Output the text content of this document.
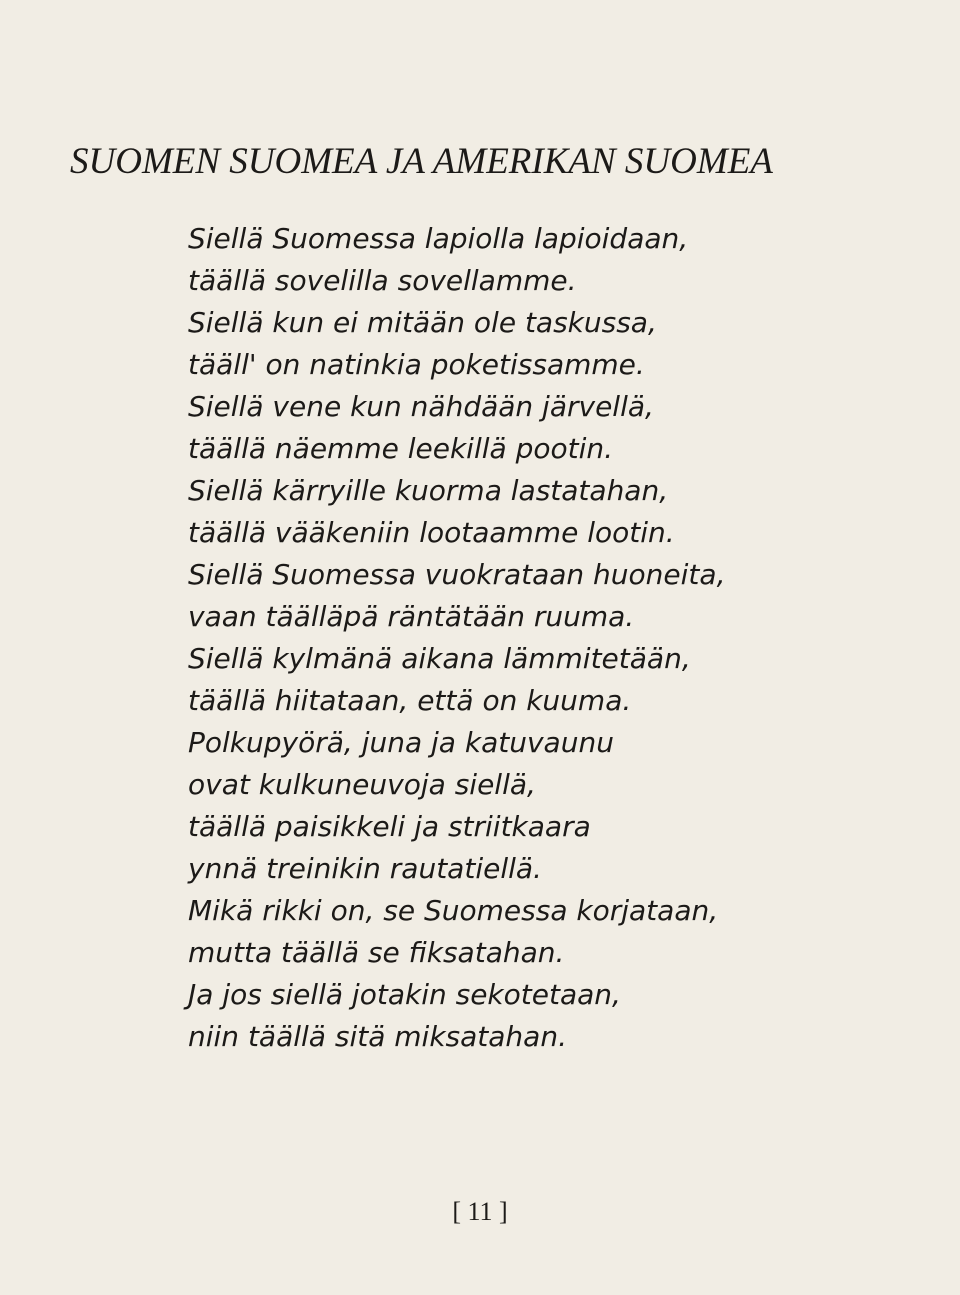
SUOMEN SUOMEA JA AMERIKAN SUOMEA
Siellä Suomessa lapiolla lapioidaan,
täällä sovelilla sovellamme.
Siellä kun ei mitään ole taskussa,
tääll' on natinkia poketissamme.
Siellä vene kun nähdään järvellä,
täällä näemme leekillä pootin.
Siellä kärryille kuorma lastatahan,
täällä vääkeniin lootaamme lootin.
Siellä Suomessa vuokrataan huoneita,
vaan täälläpä räntätään ruuma.
Siellä kylmänä aikana lämmitetään,
täällä hiitataan, että on kuuma.
Polkupyörä, juna ja katuvaunu
ovat kulkuneuvoja siellä,
täällä paisikkeli ja striitkaara
ynnä treinikin rautatiellä.
Mikä rikki on, se Suomessa korjataan,
mutta täällä se fiksatahan.
Ja jos siellä jotakin sekotetaan,
niin täällä sitä miksatahan.

[ 11 ]
